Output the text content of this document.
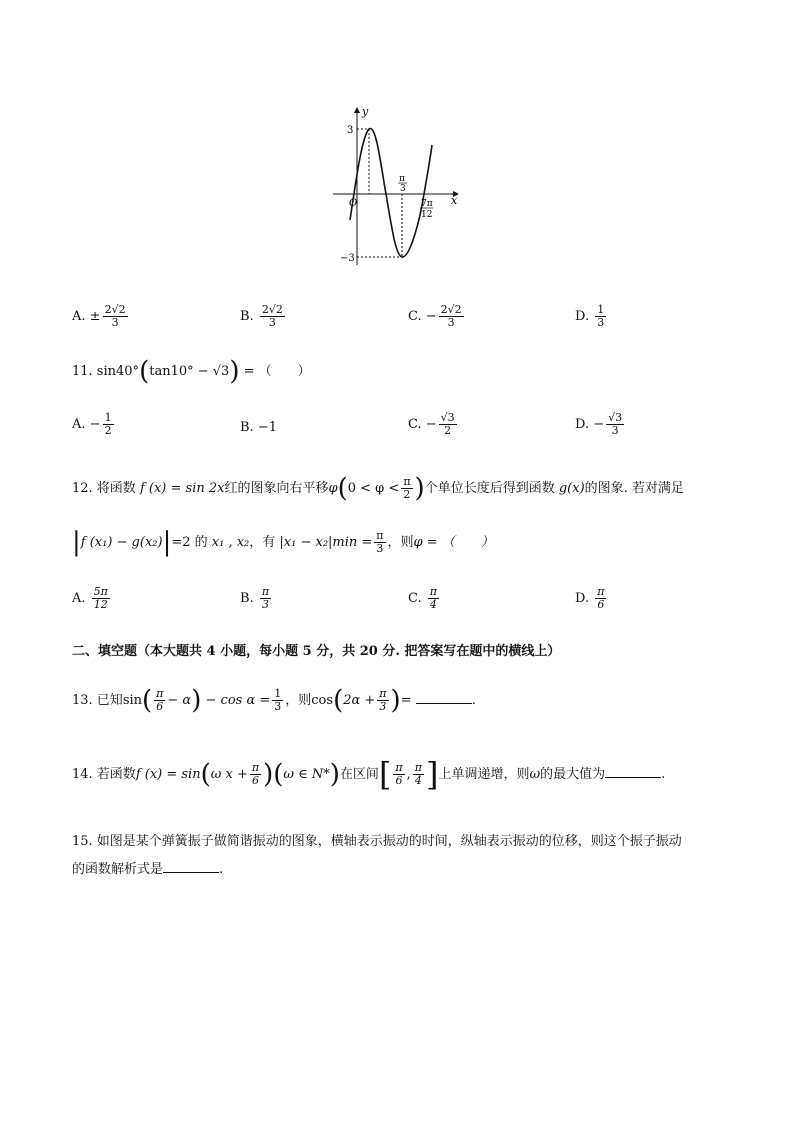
y
x
O
3
−3
π
3
7π
12
A. ± $\frac{2√2}{3}$	B. $\frac{2√2}{3}$	C. − $\frac{2√2}{3}$	D. $\frac{1}{3}$
11. sin40°(tan10° − √3) = （　　）
A. − $\frac{1}{2}$	B. −1	C. − $\frac{√3}{2}$	D. − $\frac{√3}{3}$
12. 将函数 f (x) = sin 2x红的图象向右平移$\varphi(0 < \varphi < \frac{\pi}{2}$ )个单位长度后得到函数 g(x)的图象. 若对满足
|f (x₁) − g(x₂)|=2 的 x₁ , x₂，有 $|x_1 - x_2|\min = \frac{\pi}{3}$ ，则φ = （　　）
A. $\frac{5\pi}{12}$	B. $\frac{\pi}{3}$	C. $\frac{\pi}{4}$	D. $\frac{\pi}{6}$
二、填空题（本大题共 4 小题，每小题 5 分，共 20 分. 把答案写在题中的横线上）
13. 已知$\sin( \frac{\pi}{6} - \alpha) - \cos \alpha = \frac{1}{3}$ ，则$\cos(2\alpha + \frac{\pi}{3}$ )=	.
14. 若函数f (x) = sin(ω $x + \frac{\pi}{6} )(\omega$ ∈ N*)在区间[ $\frac{\pi}{6}$ , $\frac{\pi}{4}$ ]上单调递增，则ω的最大值为	.
15. 如图是某个弹簧振子做简谐振动的图象，横轴表示振动的时间，纵轴表示振动的位移，则这个振子振动
的函数解析式是	.
